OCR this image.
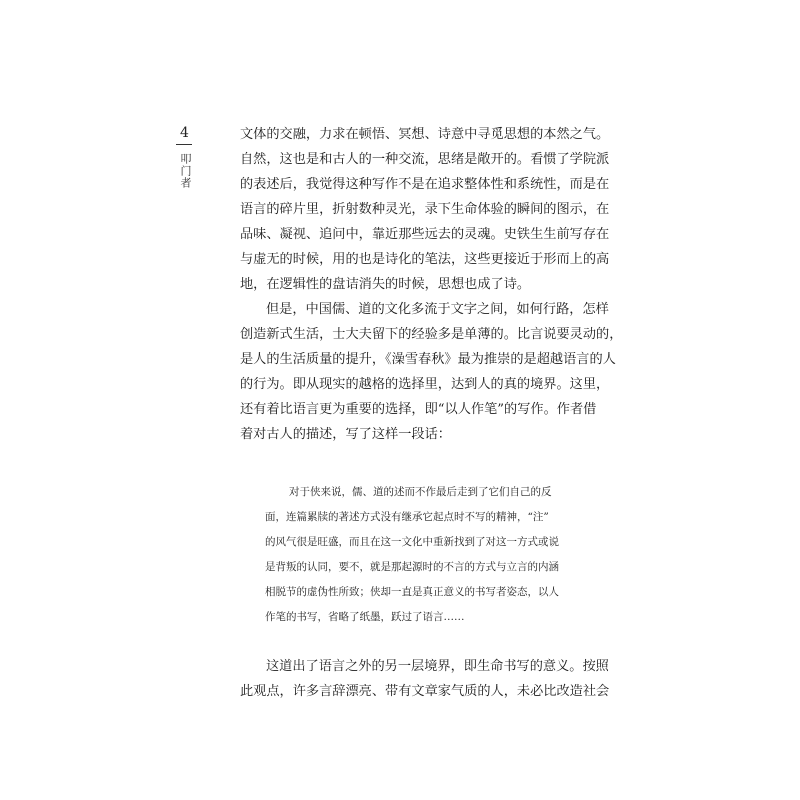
4
叩门者
文体的交融，力求在顿悟、冥想、诗意中寻觅思想的本然之气。
自然，这也是和古人的一种交流，思绪是敞开的。看惯了学院派
的表述后，我觉得这种写作不是在追求整体性和系统性，而是在
语言的碎片里，折射数种灵光，录下生命体验的瞬间的图示，在
品味、凝视、追问中，靠近那些远去的灵魂。史铁生生前写存在
与虚无的时候，用的也是诗化的笔法，这些更接近于形而上的高
地，在逻辑性的盘诘消失的时候，思想也成了诗。
但是，中国儒、道的文化多流于文字之间，如何行路，怎样
创造新式生活，士大夫留下的经验多是单薄的。比言说要灵动的，
是人的生活质量的提升，《澡雪春秋》最为推崇的是超越语言的人
的行为。即从现实的越格的选择里，达到人的真的境界。这里，
还有着比语言更为重要的选择，即“以人作笔”的写作。作者借
着对古人的描述，写了这样一段话：
对于侠来说，儒、道的述而不作最后走到了它们自己的反
面，连篇累牍的著述方式没有继承它起点时不写的精神，“注”
的风气很是旺盛，而且在这一文化中重新找到了对这一方式或说
是背叛的认同，要不，就是那起源时的不言的方式与立言的内涵
相脱节的虚伪性所致；侠却一直是真正意义的书写者姿态，以人
作笔的书写，省略了纸墨，跃过了语言……
这道出了语言之外的另一层境界，即生命书写的意义。按照
此观点，许多言辞漂亮、带有文章家气质的人，未必比改造社会
